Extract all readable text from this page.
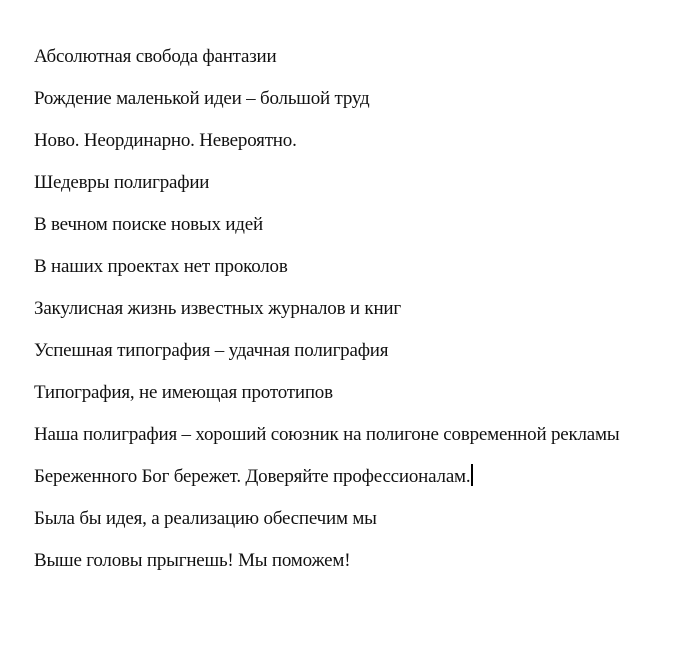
Абсолютная свобода фантазии

Рождение маленькой идеи – большой труд

Ново. Неординарно. Невероятно.

Шедевры полиграфии

В вечном поиске новых идей

В наших проектах нет проколов

Закулисная жизнь известных журналов и книг

Успешная типография – удачная полиграфия

Типография, не имеющая прототипов

Наша полиграфия – хороший союзник на полигоне современной рекламы

Береженного Бог бережет. Доверяйте профессионалам.

Была бы идея, а реализацию обеспечим мы

Выше головы прыгнешь! Мы поможем!
